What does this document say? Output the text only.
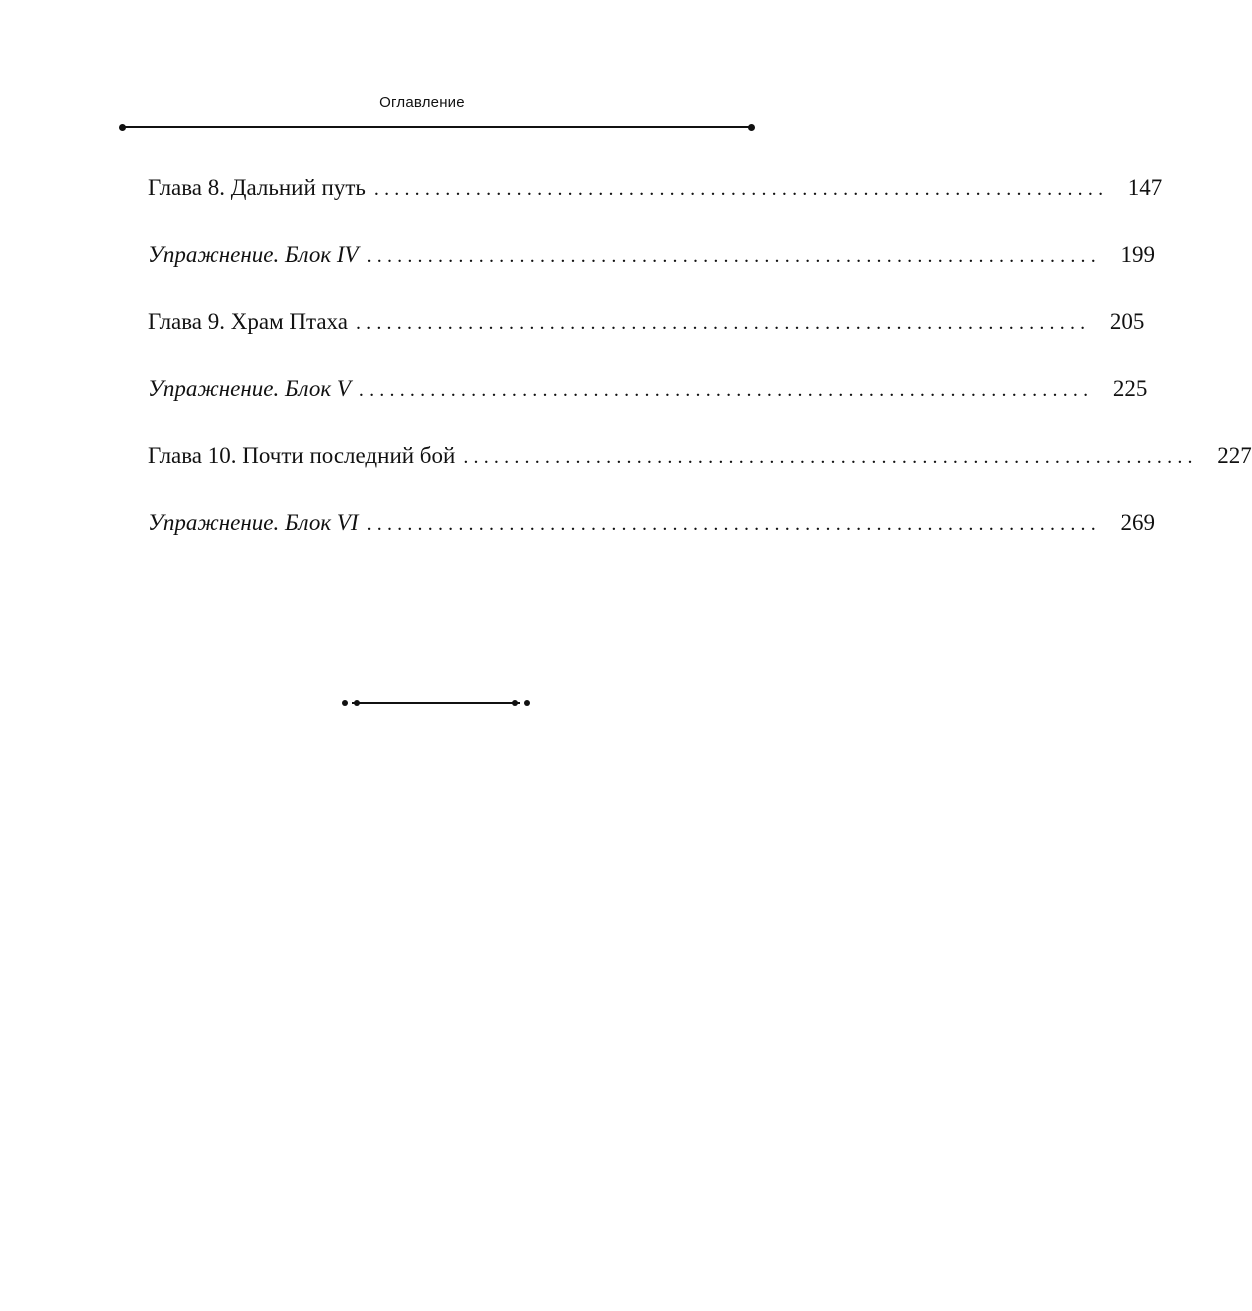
Оглавление
Глава 8. Дальний путь ........................................................................ 147
Упражнение. Блок IV ........................................................................ 199
Глава 9. Храм Птаха ........................................................................ 205
Упражнение. Блок V ........................................................................ 225
Глава 10. Почти последний бой ........................................................................ 227
Упражнение. Блок VI ........................................................................ 269
